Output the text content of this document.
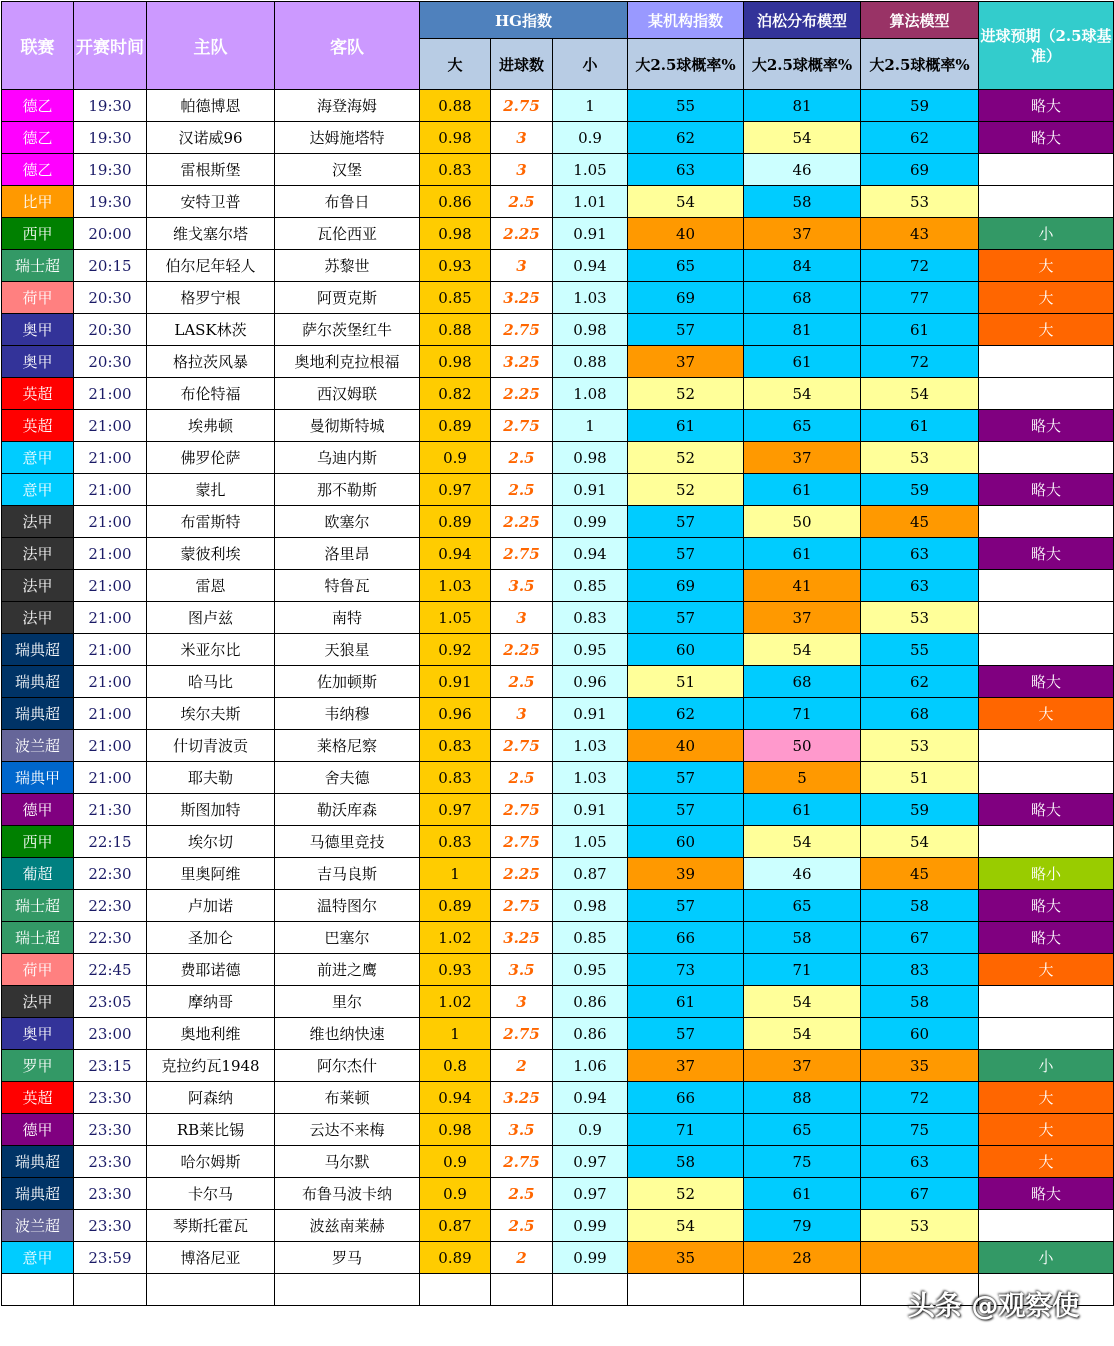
联赛	开赛时间	主队	客队	HG指数			某机构指数	泊松分布模型	算法模型	进球预期（2.5球基准）
				大	进球数	小	大2.5球概率%	大2.5球概率%	大2.5球概率%	
德乙	19:30	帕德博恩	海登海姆	0.88	2.75	1	55	81	59	略大
德乙	19:30	汉诺威96	达姆施塔特	0.98	3	0.9	62	54	62	略大
德乙	19:30	雷根斯堡	汉堡	0.83	3	1.05	63	46	69	
比甲	19:30	安特卫普	布鲁日	0.86	2.5	1.01	54	58	53	
西甲	20:00	维戈塞尔塔	瓦伦西亚	0.98	2.25	0.91	40	37	43	小
瑞士超	20:15	伯尔尼年轻人	苏黎世	0.93	3	0.94	65	84	72	大
荷甲	20:30	格罗宁根	阿贾克斯	0.85	3.25	1.03	69	68	77	大
奥甲	20:30	LASK林茨	萨尔茨堡红牛	0.88	2.75	0.98	57	81	61	大
奥甲	20:30	格拉茨风暴	奥地利克拉根福	0.98	3.25	0.88	37	61	72	
英超	21:00	布伦特福	西汉姆联	0.82	2.25	1.08	52	54	54	
英超	21:00	埃弗顿	曼彻斯特城	0.89	2.75	1	61	65	61	略大
意甲	21:00	佛罗伦萨	乌迪内斯	0.9	2.5	0.98	52	37	53	
意甲	21:00	蒙扎	那不勒斯	0.97	2.5	0.91	52	61	59	略大
法甲	21:00	布雷斯特	欧塞尔	0.89	2.25	0.99	57	50	45	
法甲	21:00	蒙彼利埃	洛里昂	0.94	2.75	0.94	57	61	63	略大
法甲	21:00	雷恩	特鲁瓦	1.03	3.5	0.85	69	41	63	
法甲	21:00	图卢兹	南特	1.05	3	0.83	57	37	53	
瑞典超	21:00	米亚尔比	天狼星	0.92	2.25	0.95	60	54	55	
瑞典超	21:00	哈马比	佐加顿斯	0.91	2.5	0.96	51	68	62	略大
瑞典超	21:00	埃尔夫斯	韦纳穆	0.96	3	0.91	62	71	68	大
波兰超	21:00	什切青波贡	莱格尼察	0.83	2.75	1.03	40	50	53	
瑞典甲	21:00	耶夫勒	舍夫德	0.83	2.5	1.03	57	5	51	
德甲	21:30	斯图加特	勒沃库森	0.97	2.75	0.91	57	61	59	略大
西甲	22:15	埃尔切	马德里竞技	0.83	2.75	1.05	60	54	54	
葡超	22:30	里奥阿维	吉马良斯	1	2.25	0.87	39	46	45	略小
瑞士超	22:30	卢加诺	温特图尔	0.89	2.75	0.98	57	65	58	略大
瑞士超	22:30	圣加仑	巴塞尔	1.02	3.25	0.85	66	58	67	略大
荷甲	22:45	费耶诺德	前进之鹰	0.93	3.5	0.95	73	71	83	大
法甲	23:05	摩纳哥	里尔	1.02	3	0.86	61	54	58	
奥甲	23:00	奥地利维	维也纳快速	1	2.75	0.86	57	54	60	
罗甲	23:15	克拉约瓦1948	阿尔杰什	0.8	2	1.06	37	37	35	小
英超	23:30	阿森纳	布莱顿	0.94	3.25	0.94	66	88	72	大
德甲	23:30	RB莱比锡	云达不来梅	0.98	3.5	0.9	71	65	75	大
瑞典超	23:30	哈尔姆斯	马尔默	0.9	2.75	0.97	58	75	63	大
瑞典超	23:30	卡尔马	布鲁马波卡纳	0.9	2.5	0.97	52	61	67	略大
波兰超	23:30	琴斯托霍瓦	波兹南莱赫	0.87	2.5	0.99	54	79	53	
意甲	23:59	博洛尼亚	罗马	0.89	2	0.99	35	28		小

头条 @观察使
